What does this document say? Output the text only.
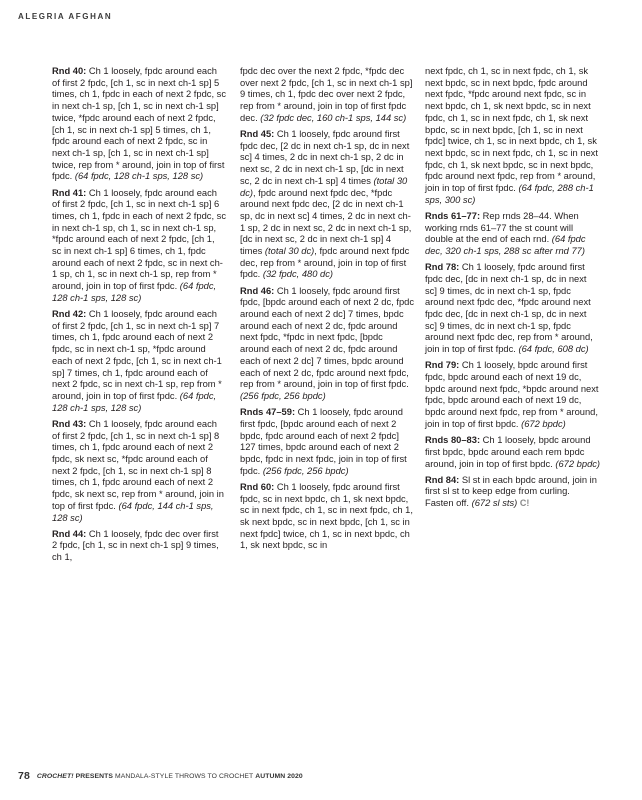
ALEGRIA AFGHAN

Rnd 40: Ch 1 loosely, fpdc around each of first 2 fpdc, [ch 1, sc in next ch-1 sp] 5 times, ch 1, fpdc in each of next 2 fpdc, sc in next ch-1 sp, [ch 1, sc in next ch-1 sp] twice, *fpdc around each of next 2 fpdc, [ch 1, sc in next ch-1 sp] 5 times, ch 1, fpdc around each of next 2 fpdc, sc in next ch-1 sp, [ch 1, sc in next ch-1 sp] twice, rep from * around, join in top of first fpdc. (64 fpdc, 128 ch-1 sps, 128 sc)

Rnd 41: Ch 1 loosely, fpdc around each of first 2 fpdc, [ch 1, sc in next ch-1 sp] 6 times, ch 1, fpdc in each of next 2 fpdc, sc in next ch-1 sp, ch 1, sc in next ch-1 sp, *fpdc around each of next 2 fpdc, [ch 1, sc in next ch-1 sp] 6 times, ch 1, fpdc around each of next 2 fpdc, sc in next ch-1 sp, ch 1, sc in next ch-1 sp, rep from * around, join in top of first fpdc. (64 fpdc, 128 ch-1 sps, 128 sc)

Rnd 42: Ch 1 loosely, fpdc around each of first 2 fpdc, [ch 1, sc in next ch-1 sp] 7 times, ch 1, fpdc around each of next 2 fpdc, sc in next ch-1 sp, *fpdc around each of next 2 fpdc, [ch 1, sc in next ch-1 sp] 7 times, ch 1, fpdc around each of next 2 fpdc, sc in next ch-1 sp, rep from * around, join in top of first fpdc. (64 fpdc, 128 ch-1 sps, 128 sc)

Rnd 43: Ch 1 loosely, fpdc around each of first 2 fpdc, [ch 1, sc in next ch-1 sp] 8 times, ch 1, fpdc around each of next 2 fpdc, sk next sc, *fpdc around each of next 2 fpdc, [ch 1, sc in next ch-1 sp] 8 times, ch 1, fpdc around each of next 2 fpdc, sk next sc, rep from * around, join in top of first fpdc. (64 fpdc, 144 ch-1 sps, 128 sc)

Rnd 44: Ch 1 loosely, fpdc dec over first 2 fpdc, [ch 1, sc in next ch-1 sp] 9 times, ch 1,

fpdc dec over the next 2 fpdc, *fpdc dec over next 2 fpdc, [ch 1, sc in next ch-1 sp] 9 times, ch 1, fpdc dec over next 2 fpdc, rep from * around, join in top of first fpdc dec. (32 fpdc dec, 160 ch-1 sps, 144 sc)

Rnd 45: Ch 1 loosely, fpdc around first fpdc dec, [2 dc in next ch-1 sp, dc in next sc] 4 times, 2 dc in next ch-1 sp, 2 dc in next sc, 2 dc in next ch-1 sp, [dc in next sc, 2 dc in next ch-1 sp] 4 times (total 30 dc), fpdc around next fpdc dec, *fpdc around next fpdc dec, [2 dc in next ch-1 sp, dc in next sc] 4 times, 2 dc in next ch-1 sp, 2 dc in next sc, 2 dc in next ch-1 sp, [dc in next sc, 2 dc in next ch-1 sp] 4 times (total 30 dc), fpdc around next fpdc dec, rep from * around, join in top of first fpdc. (32 fpdc, 480 dc)

Rnd 46: Ch 1 loosely, fpdc around first fpdc, [bpdc around each of next 2 dc, fpdc around each of next 2 dc] 7 times, bpdc around each of next 2 dc, fpdc around next fpdc, *fpdc in next fpdc, [bpdc around each of next 2 dc, fpdc around each of next 2 dc] 7 times, bpdc around each of next 2 dc, fpdc around next fpdc, rep from * around, join in top of first fpdc. (256 fpdc, 256 bpdc)

Rnds 47–59: Ch 1 loosely, fpdc around first fpdc, [bpdc around each of next 2 bpdc, fpdc around each of next 2 fpdc] 127 times, bpdc around each of next 2 bpdc, fpdc in next fpdc, join in top of first fpdc. (256 fpdc, 256 bpdc)

Rnd 60: Ch 1 loosely, fpdc around first fpdc, sc in next bpdc, ch 1, sk next bpdc, sc in next fpdc, ch 1, sc in next fpdc, ch 1, sk next bpdc, sc in next bpdc, [ch 1, sc in next fpdc] twice, ch 1, sc in next bpdc, ch 1, sk next bpdc, sc in

next fpdc, ch 1, sc in next fpdc, ch 1, sk next bpdc, sc in next bpdc, fpdc around next fpdc, *fpdc around next fpdc, sc in next bpdc, ch 1, sk next bpdc, sc in next fpdc, ch 1, sc in next fpdc, ch 1, sk next bpdc, sc in next bpdc, [ch 1, sc in next fpdc] twice, ch 1, sc in next bpdc, ch 1, sk next bpdc, sc in next fpdc, ch 1, sc in next fpdc, ch 1, sk next bpdc, sc in next bpdc, fpdc around next fpdc, rep from * around, join in top of first fpdc. (64 fpdc, 288 ch-1 sps, 300 sc)

Rnds 61–77: Rep rnds 28–44. When working rnds 61–77 the st count will double at the end of each rnd. (64 fpdc dec, 320 ch-1 sps, 288 sc after rnd 77)

Rnd 78: Ch 1 loosely, fpdc around first fpdc dec, [dc in next ch-1 sp, dc in next sc] 9 times, dc in next ch-1 sp, fpdc around next fpdc dec, *fpdc around next fpdc dec, [dc in next ch-1 sp, dc in next sc] 9 times, dc in next ch-1 sp, fpdc around next fpdc dec, rep from * around, join in top of first fpdc. (64 fpdc, 608 dc)

Rnd 79: Ch 1 loosely, bpdc around first fpdc, bpdc around each of next 19 dc, bpdc around next fpdc, *bpdc around next fpdc, bpdc around each of next 19 dc, bpdc around next fpdc, rep from * around, join in top of first bpdc. (672 bpdc)

Rnds 80–83: Ch 1 loosely, bpdc around first bpdc, bpdc around each rem bpdc around, join in top of first bpdc. (672 bpdc)

Rnd 84: Sl st in each bpdc around, join in first sl st to keep edge from curling. Fasten off. (672 sl sts) C!

78 CROCHET! PRESENTS MANDALA-STYLE THROWS TO CROCHET AUTUMN 2020
